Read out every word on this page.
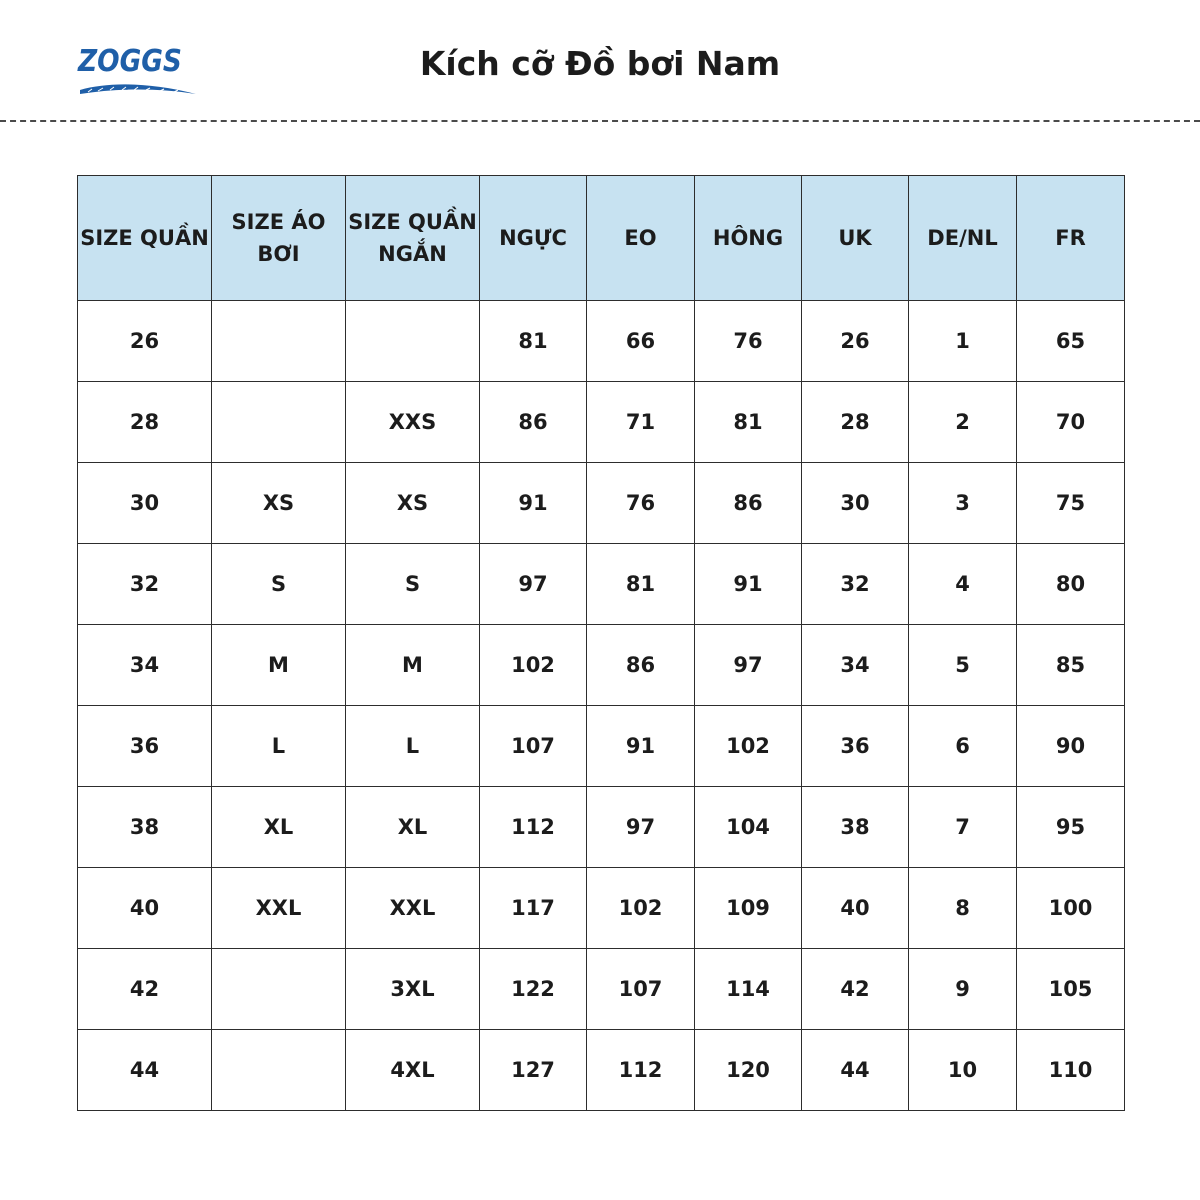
ZOGGS	Kích cỡ Đồ bơi Nam
SIZE QUẦN	SIZE ÁO BƠI	SIZE QUẦN NGẮN	NGỰC	EO	HÔNG	UK	DE/NL	FR
26			81	66	76	26	1	65
28		XXS	86	71	81	28	2	70
30	XS	XS	91	76	86	30	3	75
32	S	S	97	81	91	32	4	80
34	M	M	102	86	97	34	5	85
36	L	L	107	91	102	36	6	90
38	XL	XL	112	97	104	38	7	95
40	XXL	XXL	117	102	109	40	8	100
42		3XL	122	107	114	42	9	105
44		4XL	127	112	120	44	10	110
